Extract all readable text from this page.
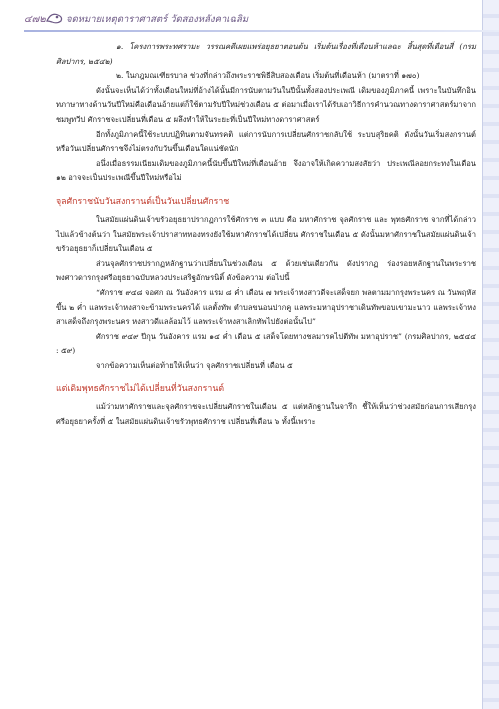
๔๗๒ จดหมายเหตุดาราศาสตร์ วัดสองหลังคาเฉลิม

๑. โครงการพระทศรามะ วรรณคดีเผยแพร่อยุธยาตอนต้น เริ่มต้นเรื่องที่เดือนห้าแลฉะ สิ้นสุดที่เดือนสี่ (กรมศิลปากร, ๒๕๔๒)

๒. ในกฎมณเฑียรบาล ช่วงที่กล่าวถึงพระราชพิธีสิบสองเดือน เริ่มต้นที่เดือนห้า (มาตราที่ ๑๗๐)

ดังนั้นจะเห็นได้ว่าทั้งเดือนใหม่ที่อ้างได้นั้นมีการนับตามวันในปีนั้นทั้งสองประเพณี เดิมของภูมิภาคนี้ เพราะในบันทึกอินทภาษาทางด้านวันปีใหม่คือเดือนอ้ายแต่ก็ใช้ตามรับปีใหม่ช่วงเดือน ๕ ต่อมาเมื่อเราได้รับเอาวิธีการคำนวณทางดาราศาสตร์มาจากชมพูทวีป ศักราชจะเปลี่ยนที่เดือน ๕ ผลึงทำให้ในระยะที่เป็นปีใหม่ทางดาราศาสตร์

อีกทั้งภูมิภาคนี้ใช้ระบบปฏิทินตามจันทรคติ แต่การนับการเปลี่ยนศักราชกลับใช้ ระบบสุริยคติ ดังนั้นวันเริ่มสงกรานต์หรือวันเปลี่ยนศักราชจึงไม่ตรงกับวันขึ้นเดือนใดแน่ชัดนัก

อนึ่งเมื่อธรรมเนียมเดิมของภูมิภาคนี้นับขึ้นปีใหม่ที่เดือนอ้าย จึงอาจให้เกิดความสงสัยว่า ประเพณีลอยกระทงในเดือน ๑๒ อาจจะเป็นประเพณีขึ้นปีใหม่หรือไม่

จุลศักราชนับวันสงกรานต์เป็นวันเปลี่ยนศักราช

ในสมัยแผ่นดินเจ้าขรัวอยุธยาปรากฏการใช้ศักราช ๓ แบบ คือ มหาศักราช จุลศักราช และ พุทธศักราช จากที่ได้กล่าวไปแล้วข้างต้นว่า ในสมัยพระเจ้าปราสาททองทรงยังใช้มหาศักราชได้เปลี่ยน ศักราชในเดือน ๕ ดังนั้นมหาศักราชในสมัยแผ่นดินเจ้าขรัวอยุธยาก็เปลี่ยนในเดือน ๕

ส่วนจุลศักราชปรากฏหลักฐานว่าเปลี่ยนในช่วงเดือน ๕ ด้วยเช่นเดียวกัน ดังปรากฏ ร่องรอยหลักฐานในพระราชพงศาวดารกรุงศรีอยุธยาฉบับหลวงประเสริฐอักษรนิติ์ ดังข้อความ ต่อไปนี้

“ศักราช ๙๔๘ จอศก ณ วันอังคาร แรม ๘ ค่ำ เดือน ๗ พระเจ้าหงสาวดีจะเสด็จยก พลตามมากรุงพระนคร ณ วันพฤหัส ขึ้น ๒ ค่ำ แลพระเจ้าหงสาจะข้ามพระนครได้ แลตั้งทัพ ตำบลขนอนปากคู แลพระมหาอุปราชาเดินทัพขอบเขามะนาว แลพระเจ้าหงสาเสด็จถึงกรุงพระนคร หงสาวดีแลล้อมไว้ แลพระเจ้าหงสาเลิกทัพไปยังต่อนั้นไป”

ศักราช ๙๔๙ ปีกุน วันอังคาร แรม ๑๔ ค่ำ เดือน ๕ เสด็จโดยทางชลมารคไปตีทัพ มหาอุปราช” (กรมศิลปากร, ๒๕๔๔ : ๕๙)

จากข้อความเห็นต่อท้ายให้เห็นว่า จุลศักราชเปลี่ยนที่ เดือน ๕

แต่เดิมพุทธศักราชไม่ได้เปลี่ยนที่วันสงกรานต์

แม้ว่ามหาศักราชและจุลศักราชจะเปลี่ยนศักราชในเดือน ๕ แต่หลักฐานในจารึก ชี้ให้เห็นว่าช่วงสมัยก่อนการเสียกรุงศรีอยุธยาครั้งที่ ๕ ในสมัยแผ่นดินเจ้าขรัวพุทธศักราช เปลี่ยนที่เดือน ๖ ทั้งนี้เพราะ
